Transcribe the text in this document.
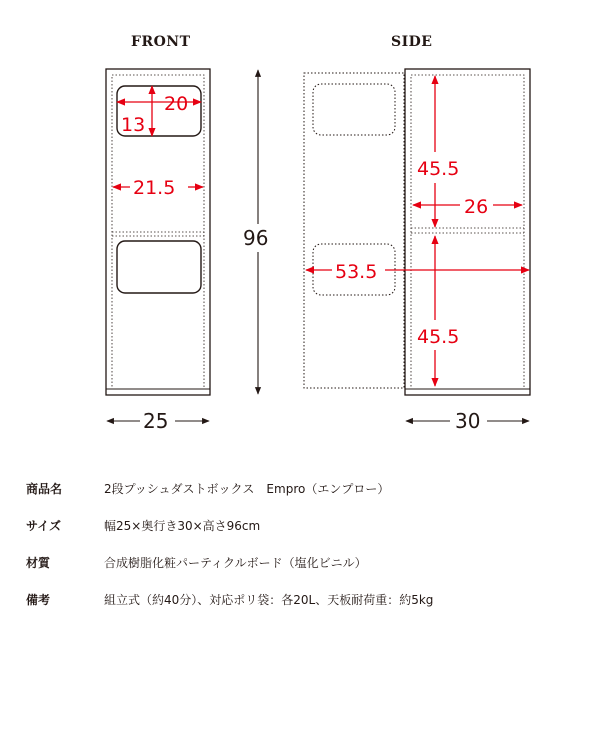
FRONT	SIDE
20
13
21.5
25
96
45.5
26
53.5
45.5
30
商品名	2段プッシュダストボックス　Empro（エンプロー）
サイズ	幅25×奥行き30×高さ96cm
材質	合成樹脂化粧パーティクルボード（塩化ビニル）
備考	組立式（約40分）、対応ポリ袋：各20L、天板耐荷重：約5kg
